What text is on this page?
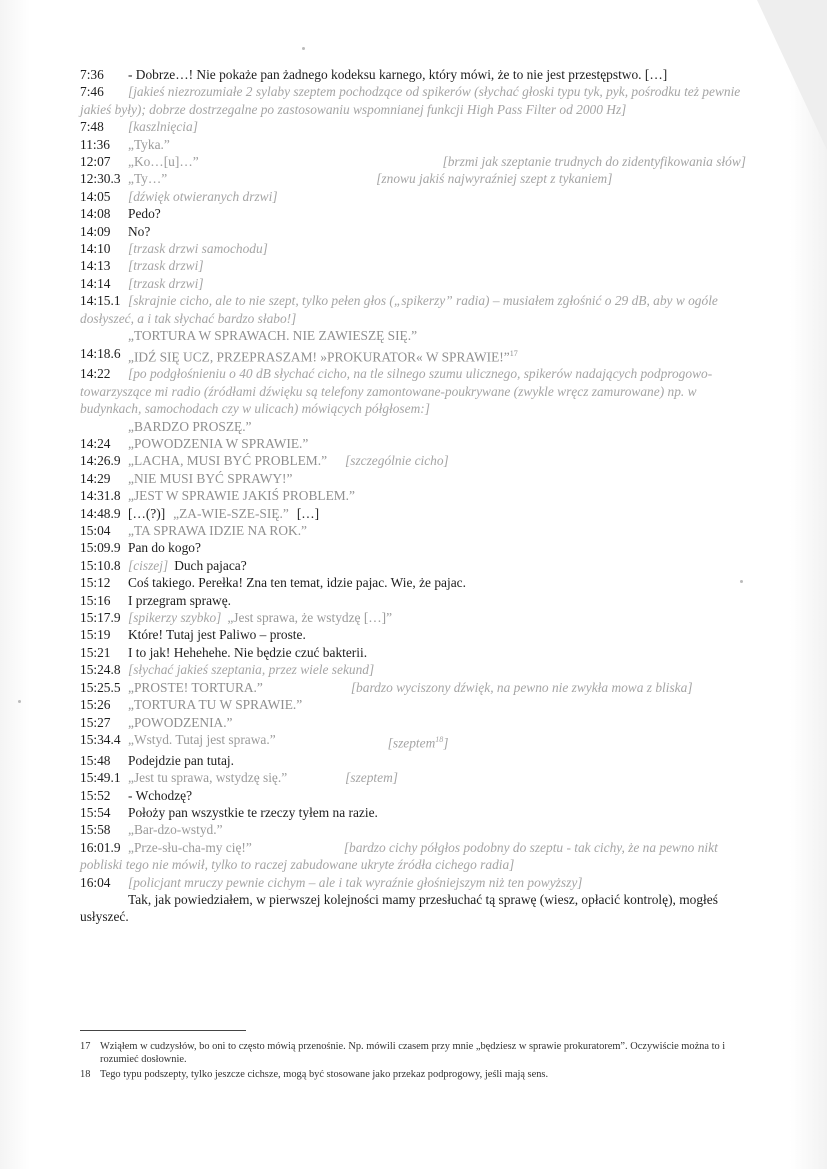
7:36	- Dobrze…! Nie pokaże pan żadnego kodeksu karnego, który mówi, że to nie jest przestępstwo. […]
7:46 [jakieś niezrozumiałe 2 sylaby szeptem pochodzące od spikerów (słychać głoski typu tyk, pyk, pośrodku też pewnie jakieś były); dobrze dostrzegalne po zastosowaniu wspomnianej funkcji High Pass Filter od 2000 Hz]
7:48	[kaszlnięcia]
11:36	„Tyka.”
12:07	„Ko…[u]…”	[brzmi jak szeptanie trudnych do zidentyfikowania słów]
12:30.3 „Ty…”	[znowu jakiś najwyraźniej szept z tykaniem]
14:05	[dźwięk otwieranych drzwi]
14:08	Pedo?
14:09	No?
14:10	[trzask drzwi samochodu]
14:13	[trzask drzwi]
14:14	[trzask drzwi]
14:15.1 [skrajnie cicho, ale to nie szept, tylko pełen głos („spikerzy” radia) – musiałem zgłośnić o 29 dB, aby w ogóle dosłyszeć, a i tak słychać bardzo słabo!]
„TORTURA W SPRAWACH. NIE ZAWIESZĘ SIĘ.”
14:18.6 „IDŹ SIĘ UCZ, PRZEPRASZAM! »PROKURATOR« W SPRAWIE!”$^{17}$
14:22 [po podgłośnieniu o 40 dB słychać cicho, na tle silnego szumu ulicznego, spikerów nadających podprogowo-towarzyszące mi radio (źródłami dźwięku są telefony zamontowane-poukrywane (zwykle wręcz zamurowane) np. w budynkach, samochodach czy w ulicach) mówiących półgłosem:]
„BARDZO PROSZĘ.”
14:24	„POWODZENIA W SPRAWIE.”
14:26.9 „LACHA, MUSI BYĆ PROBLEM.” [szczególnie cicho]
14:29	„NIE MUSI BYĆ SPRAWY!”
14:31.8 „JEST W SPRAWIE JAKIŚ PROBLEM.”
14:48.9 […(?)] „ZA-WIE-SZE-SIĘ.” […]
15:04	„TA SPRAWA IDZIE NA ROK.”
15:09.9 Pan do kogo?
15:10.8 [ciszej] Duch pajaca?
15:12	Coś takiego. Perełka! Zna ten temat, idzie pajac. Wie, że pajac.
15:16	I przegram sprawę.
15:17.9 [spikerzy szybko] „Jest sprawa, że wstydzę […]”
15:19	Które! Tutaj jest Paliwo – proste.
15:21	I to jak! Hehehehe. Nie będzie czuć bakterii.
15:24.8 [słychać jakieś szeptania, przez wiele sekund]
15:25.5 „PROSTE! TORTURA.”	[bardzo wyciszony dźwięk, na pewno nie zwykła mowa z bliska]
15:26	„TORTURA TU W SPRAWIE.”
15:27	„POWODZENIA.”
15:34.4 „Wstyd. Tutaj jest sprawa.”	[szeptem$^{18}$]
15:48	Podejdzie pan tutaj.
15:49.1 „Jest tu sprawa, wstydzę się.”	[szeptem]
15:52	- Wchodzę?
15:54	Położy pan wszystkie te rzeczy tyłem na razie.
15:58	„Bar-dzo-wstyd.”
16:01.9 „Prze-słu-cha-my cię!”	[bardzo cichy półgłos podobny do szeptu - tak cichy, że na pewno nikt pobliski tego nie mówił, tylko to raczej zabudowane ukryte źródła cichego radia]
16:04	[policjant mruczy pewnie cichym – ale i tak wyraźnie głośniejszym niż ten powyższy]
Tak, jak powiedziałem, w pierwszej kolejności mamy przesłuchać tą sprawę (wiesz, opłacić kontrolę), mogłeś usłyszeć.
17 Wziąłem w cudzysłów, bo oni to często mówią przenośnie. Np. mówili czasem przy mnie „będziesz w sprawie prokuratorem”. Oczywiście można to i rozumieć dosłownie.
18 Tego typu podszepty, tylko jeszcze cichsze, mogą być stosowane jako przekaz podprogowy, jeśli mają sens.
